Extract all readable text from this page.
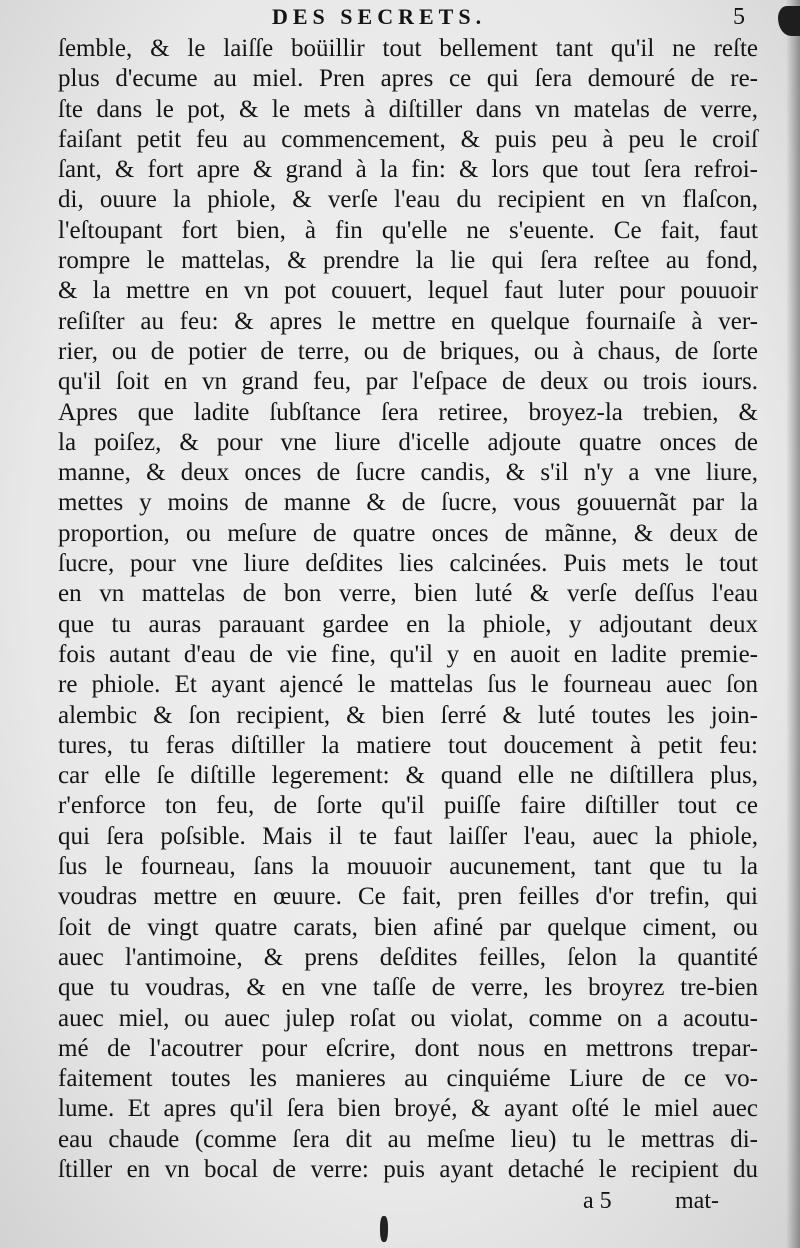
DES SECRETS.	5
ſemble, & le laiſſe boüillir tout bellement tant qu'il ne reſte
plus d'ecume au miel. Pren apres ce qui ſera demouré de re-
ſte dans le pot, & le mets à diſtiller dans vn matelas de verre,
faiſant petit feu au commencement, & puis peu à peu le croiſ
ſant, & fort apre & grand à la fin: & lors que tout ſera refroi-
di, ouure la phiole, & verſe l'eau du recipient en vn flaſcon,
l'eſtoupant fort bien, à fin qu'elle ne s'euente. Ce fait, faut
rompre le mattelas, & prendre la lie qui ſera reſtee au fond,
& la mettre en vn pot couuert, lequel faut luter pour pouuoir
reſiſter au feu: & apres le mettre en quelque fournaiſe à ver-
rier, ou de potier de terre, ou de briques, ou à chaus, de ſorte
qu'il ſoit en vn grand feu, par l'eſpace de deux ou trois iours.
Apres que ladite ſubſtance ſera retiree, broyez-la trebien, &
la poiſez, & pour vne liure d'icelle adjoute quatre onces de
manne, & deux onces de ſucre candis, & s'il n'y a vne liure,
mettes y moins de manne & de ſucre, vous gouuernãt par la
proportion, ou meſure de quatre onces de mãnne, & deux de
ſucre, pour vne liure deſdites lies calcinées. Puis mets le tout
en vn mattelas de bon verre, bien luté & verſe deſſus l'eau
que tu auras parauant gardee en la phiole, y adjoutant deux
fois autant d'eau de vie fine, qu'il y en auoit en ladite premie-
re phiole. Et ayant ajencé le mattelas ſus le fourneau auec ſon
alembic & ſon recipient, & bien ſerré & luté toutes les join-
tures, tu feras diſtiller la matiere tout doucement à petit feu:
car elle ſe diſtille legerement: & quand elle ne diſtillera plus,
r'enforce ton feu, de ſorte qu'il puiſſe faire diſtiller tout ce
qui ſera poſsible. Mais il te faut laiſſer l'eau, auec la phiole,
ſus le fourneau, ſans la mouuoir aucunement, tant que tu la
voudras mettre en œuure. Ce fait, pren feilles d'or trefin, qui
ſoit de vingt quatre carats, bien afiné par quelque ciment, ou
auec l'antimoine, & prens deſdites feilles, ſelon la quantité
que tu voudras, & en vne taſſe de verre, les broyrez tre-bien
auec miel, ou auec julep roſat ou violat, comme on a acoutu-
mé de l'acoutrer pour eſcrire, dont nous en mettrons trepar-
faitement toutes les manieres au cinquiéme Liure de ce vo-
lume. Et apres qu'il ſera bien broyé, & ayant oſté le miel auec
eau chaude (comme ſera dit au meſme lieu) tu le mettras di-
ſtiller en vn bocal de verre: puis ayant detaché le recipient du
a 5	mat-
